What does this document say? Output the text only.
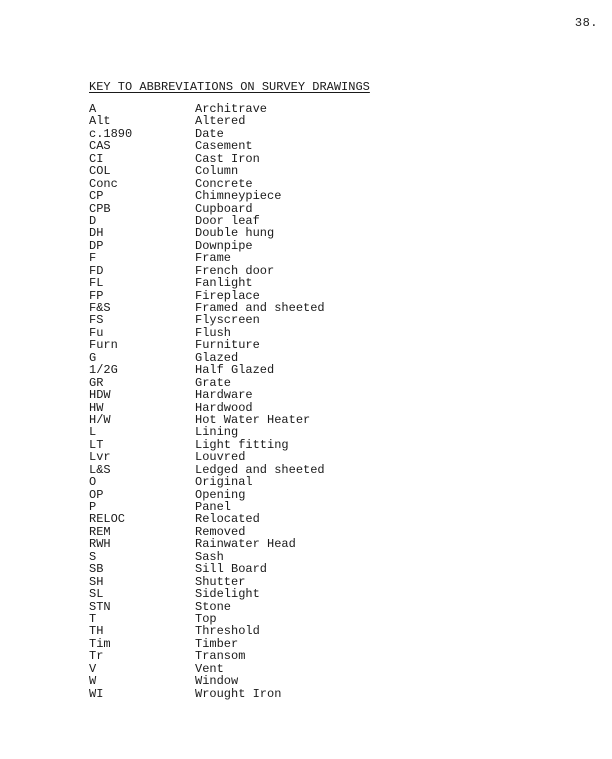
38.
KEY TO ABBREVIATIONS ON SURVEY DRAWINGS
A	Architrave
Alt	Altered
c.1890	Date
CAS	Casement
CI	Cast Iron
COL	Column
Conc	Concrete
CP	Chimneypiece
CPB	Cupboard
D	Door leaf
DH	Double hung
DP	Downpipe
F	Frame
FD	French door
FL	Fanlight
FP	Fireplace
F&S	Framed and sheeted
FS	Flyscreen
Fu	Flush
Furn	Furniture
G	Glazed
1/2G	Half Glazed
GR	Grate
HDW	Hardware
HW	Hardwood
H/W	Hot Water Heater
L	Lining
LT	Light fitting
Lvr	Louvred
L&S	Ledged and sheeted
O	Original
OP	Opening
P	Panel
RELOC	Relocated
REM	Removed
RWH	Rainwater Head
S	Sash
SB	Sill Board
SH	Shutter
SL	Sidelight
STN	Stone
T	Top
TH	Threshold
Tim	Timber
Tr	Transom
V	Vent
W	Window
WI	Wrought Iron
